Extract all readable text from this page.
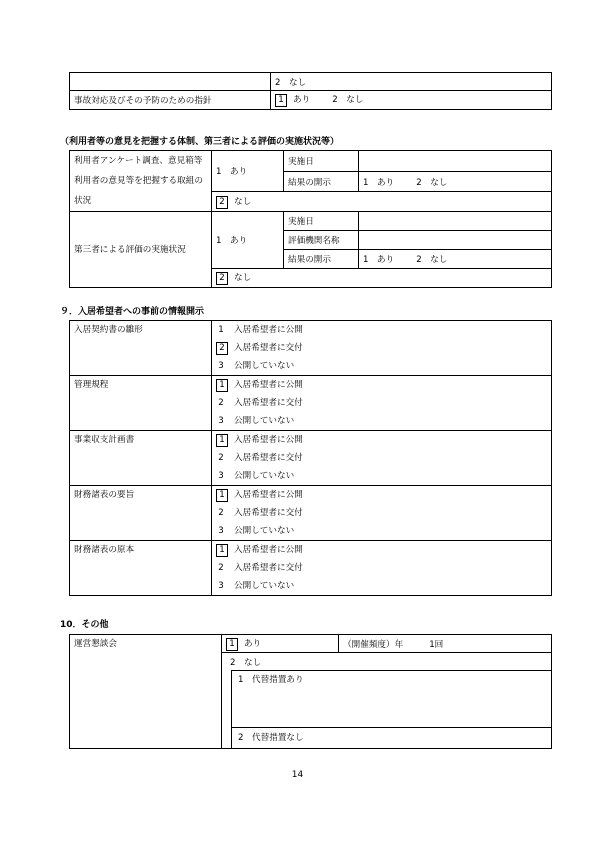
	2　なし
事故対応及びその予防のための指針	1 あり 2　なし
（利用者等の意見を把握する体制、第三者による評価の実施状況等）
利用者アンケート調査、意見箱等利用者の意見等を把握する取組の状況	1　あり	実施日	
		結果の開示	1　あり 2　なし
	2 なし		
第三者による評価の実施状況	1　あり	実施日	
		評価機関名称	
		結果の開示	1　あり 2　なし
	2 なし		
９．入居希望者への事前の情報開示
入居契約書の雛形	1 入居希望者に公開
2 入居希望者に交付
3 公開していない

管理規程	1 入居希望者に公開
2 入居希望者に交付
3 公開していない

事業収支計画書	1 入居希望者に公開
2 入居希望者に交付
3 公開していない

財務諸表の要旨	1 入居希望者に公開
2 入居希望者に交付
3 公開していない

財務諸表の原本	1 入居希望者に公開
2 入居希望者に交付
3 公開していない
10．その他
運営懇談会	1 あり		（開催頻度）年 1回	
	2　なし			

		1　代替措置あり
2　代替措置なし

14
